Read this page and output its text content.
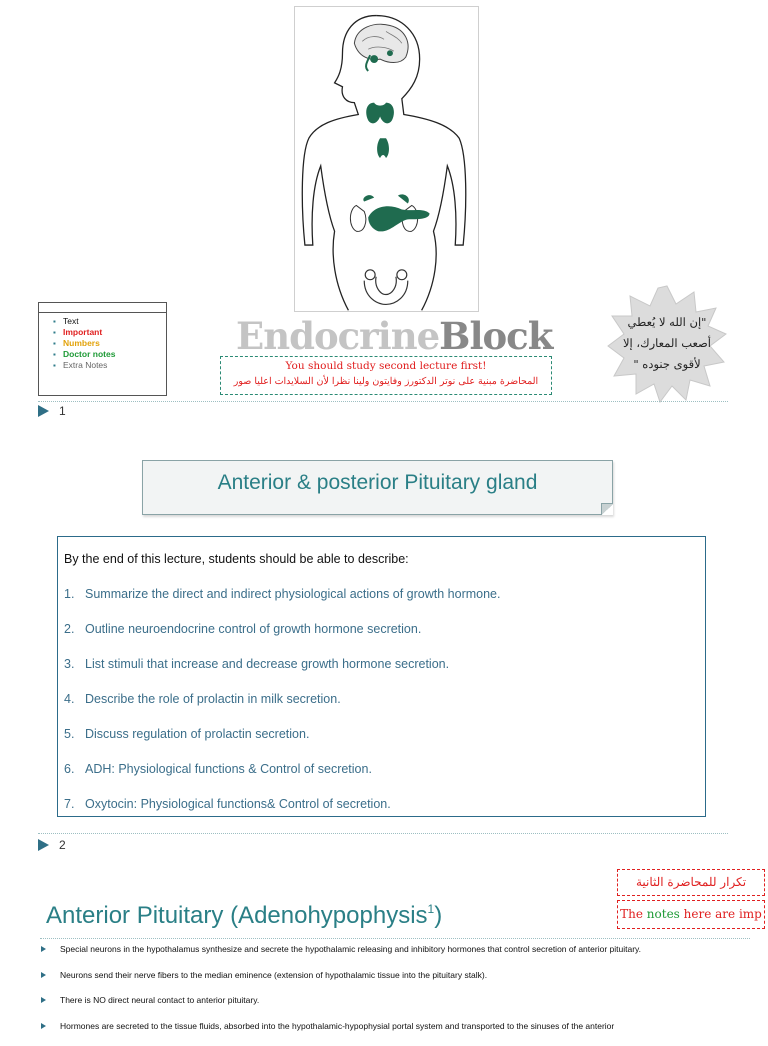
▪ Text
▪ Important
▪ Numbers
▪ Doctor notes
▪ Extra Notes
EndocrineBlock
You should study second lecture first!
المحاضرة مبنية على نوتر الدكتورز وفايتون ولينا نظرا لأن السلايدات اعليا صور
"إن الله لا يُعطي أصعب المعارك، إلا لأقوى جنوده "
1
Anterior & posterior Pituitary gland
By the end of this lecture, students should be able to describe:
1. Summarize the direct and indirect physiological actions of growth hormone.
2. Outline neuroendocrine control of growth hormone secretion.
3. List stimuli that increase and decrease growth hormone secretion.
4. Describe the role of prolactin in milk secretion.
5. Discuss regulation of prolactin secretion.
6. ADH: Physiological functions & Control of secretion.
7. Oxytocin: Physiological functions& Control of secretion.
2
تكرار للمحاضرة الثانية
The notes here are imp
Anterior Pituitary (Adenohypophysis$^1$)
Special neurons in the hypothalamus synthesize and secrete the hypothalamic releasing and inhibitory hormones that control secretion of anterior pituitary.
Neurons send their nerve fibers to the median eminence (extension of hypothalamic tissue into the pituitary stalk).
There is NO direct neural contact to anterior pituitary.
Hormones are secreted to the tissue fluids, absorbed into the hypothalamic-hypophysial portal system and transported to the sinuses of the anterior
